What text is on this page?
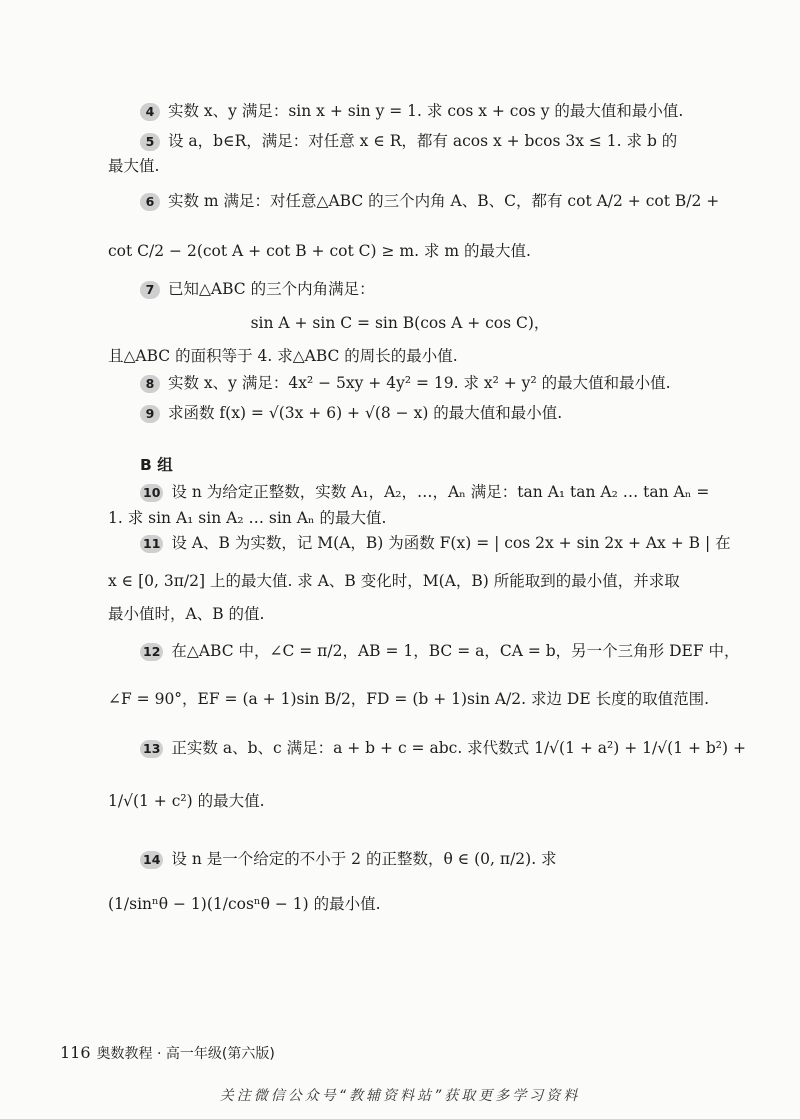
4 实数 x、y 满足：sin x + sin y = 1. 求 cos x + cos y 的最大值和最小值.
5 设 a，b∈R，满足：对任意 x ∈ R，都有 acos x + bcos 3x ≤ 1. 求 b 的
最大值.
6 实数 m 满足：对任意△ABC 的三个内角 A、B、C，都有 cot A/2 + cot B/2 +
cot C/2 − 2(cot A + cot B + cot C) ≥ m. 求 m 的最大值.
7 已知△ABC 的三个内角满足：
sin A + sin C = sin B(cos A + cos C)，
且△ABC 的面积等于 4. 求△ABC 的周长的最小值.
8 实数 x、y 满足：4x² − 5xy + 4y² = 19. 求 x² + y² 的最大值和最小值.
9 求函数 f(x) = √(3x + 6) + √(8 − x) 的最大值和最小值.
B 组
10 设 n 为给定正整数，实数 A₁，A₂，…，Aₙ 满足：tan A₁ tan A₂ … tan Aₙ =
1. 求 sin A₁ sin A₂ … sin Aₙ 的最大值.
11 设 A、B 为实数，记 M(A，B) 为函数 F(x) = | cos 2x + sin 2x + Ax + B | 在
x ∈ [0, 3π/2] 上的最大值. 求 A、B 变化时，M(A，B) 所能取到的最小值，并求取
最小值时，A、B 的值.
12 在△ABC 中，∠C = π/2，AB = 1，BC = a，CA = b，另一个三角形 DEF 中，
∠F = 90°，EF = (a + 1)sin B/2，FD = (b + 1)sin A/2. 求边 DE 长度的取值范围.
13 正实数 a、b、c 满足：a + b + c = abc. 求代数式 1/√(1 + a²) + 1/√(1 + b²) +
1/√(1 + c²) 的最大值.
14 设 n 是一个给定的不小于 2 的正整数，θ ∈ (0, π/2). 求
(1/sinⁿθ − 1)(1/cosⁿθ − 1) 的最小值.
116 奥数教程 · 高一年级(第六版)
关注微信公众号“教辅资料站”获取更多学习资料
